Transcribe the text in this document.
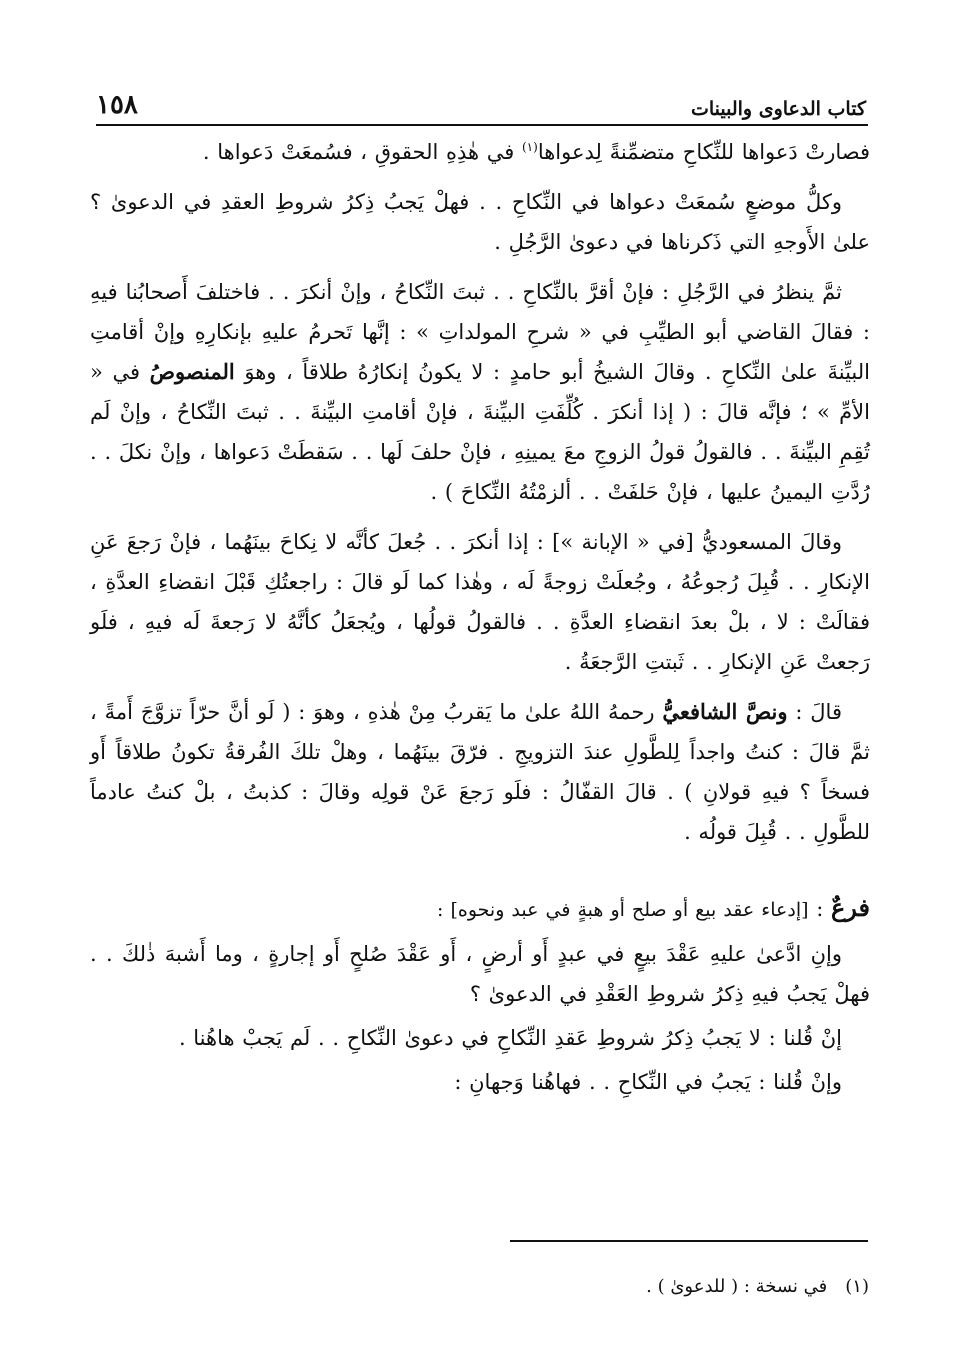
كتاب الدعاوى والبينات
١٥٨

فصارتْ دَعواها للنِّكاحِ متضمِّنةً لِدعواها$^{(١)}$ في هٰذِهِ الحقوقِ ، فسُمعَتْ دَعواها .

وكلُّ موضعٍ سُمعَتْ دعواها في النِّكاحِ . . فهلْ يَجبُ ذِكرُ شروطِ العقدِ في الدعوىٰ ؟ علىٰ الأَوجهِ التي ذَكرناها في دعوىٰ الرَّجُلِ .

ثمَّ ينظرُ في الرَّجُلِ : فإنْ أقرَّ بالنِّكاحِ . . ثبتَ النِّكاحُ ، وإنْ أنكرَ . . فاختلفَ أَصحابُنا فيهِ : فقالَ القاضي أبو الطيِّبِ في « شرحِ المولداتِ » : إنَّها تَحرمُ عليهِ بإنكارِهِ وإنْ أقامتِ البيِّنةَ علىٰ النِّكاحِ . وقالَ الشيخُ أبو حامدٍ : لا يكونُ إنكارُهُ طلاقاً ، وهوَ المنصوصُ في « الأمِّ » ؛ فإنَّه قالَ : ( إذا أنكرَ . كُلِّفَتِ البيِّنةَ ، فإنْ أقامتِ البيِّنةَ . . ثبتَ النِّكاحُ ، وإنْ لَم تُقِمِ البيِّنةَ . . فالقولُ قولُ الزوجِ معَ يمينِهِ ، فإنْ حلفَ لَها . . سَقطَتْ دَعواها ، وإنْ نكلَ . . رُدَّتِ اليمينُ عليها ، فإنْ حَلفَتْ . . ألزمْتُهُ النِّكاحَ ) .

وقالَ المسعوديُّ [في « الإبانة »] : إذا أنكرَ . . جُعلَ كأنَّه لا نِكاحَ بينَهُما ، فإنْ رَجعَ عَنِ الإنكارِ . . قُبِلَ رُجوعُهُ ، وجُعلَتْ زوجةً لَه ، وهٰذا كما لَو قالَ : راجعتُكِ قَبْلَ انقضاءِ العدَّةِ ، فقالَتْ : لا ، بلْ بعدَ انقضاءِ العدَّةِ . . فالقولُ قولُها ، ويُجعَلُ كأنَّهُ لا رَجعةَ لَه فيهِ ، فلَو رَجعتْ عَنِ الإنكارِ . . ثَبتتِ الرَّجعَةُ .

قالَ : ونصَّ الشافعيُّ رحمهُ اللهُ علىٰ ما يَقربُ مِنْ هٰذهِ ، وهوَ : ( لَو أنَّ حرّاً تزوَّجَ أَمةً ، ثمَّ قالَ : كنتُ واجداً لِلطَّولِ عندَ التزويجِ . فرّقَ بينَهُما ، وهلْ تلكَ الفُرقةُ تكونُ طلاقاً أَو فسخاً ؟ فيهِ قولانِ ) . قالَ القفّالُ : فلَو رَجعَ عَنْ قولِه وقالَ : كذبتُ ، بلْ كنتُ عادماً للطَّولِ . . قُبِلَ قولُه .

فرعٌ : [إدعاء عقد بيع أو صلح أو هبةٍ في عبد ونحوه] :

وإنِ ادَّعىٰ عليهِ عَقْدَ بيعٍ في عبدٍ أَو أرضٍ ، أَو عَقْدَ صُلحٍ أَو إجارةٍ ، وما أَشبهَ ذٰلكَ . . فهلْ يَجبُ فيهِ ذِكرُ شروطِ العَقْدِ في الدعوىٰ ؟

إنْ قُلنا : لا يَجبُ ذِكرُ شروطِ عَقدِ النِّكاحِ في دعوىٰ النِّكاحِ . . لَم يَجبْ هاهُنا .

وإنْ قُلنا : يَجبُ في النِّكاحِ . . فهاهُنا وَجهانِ :

(١)في نسخة : ( للدعوىٰ ) .
